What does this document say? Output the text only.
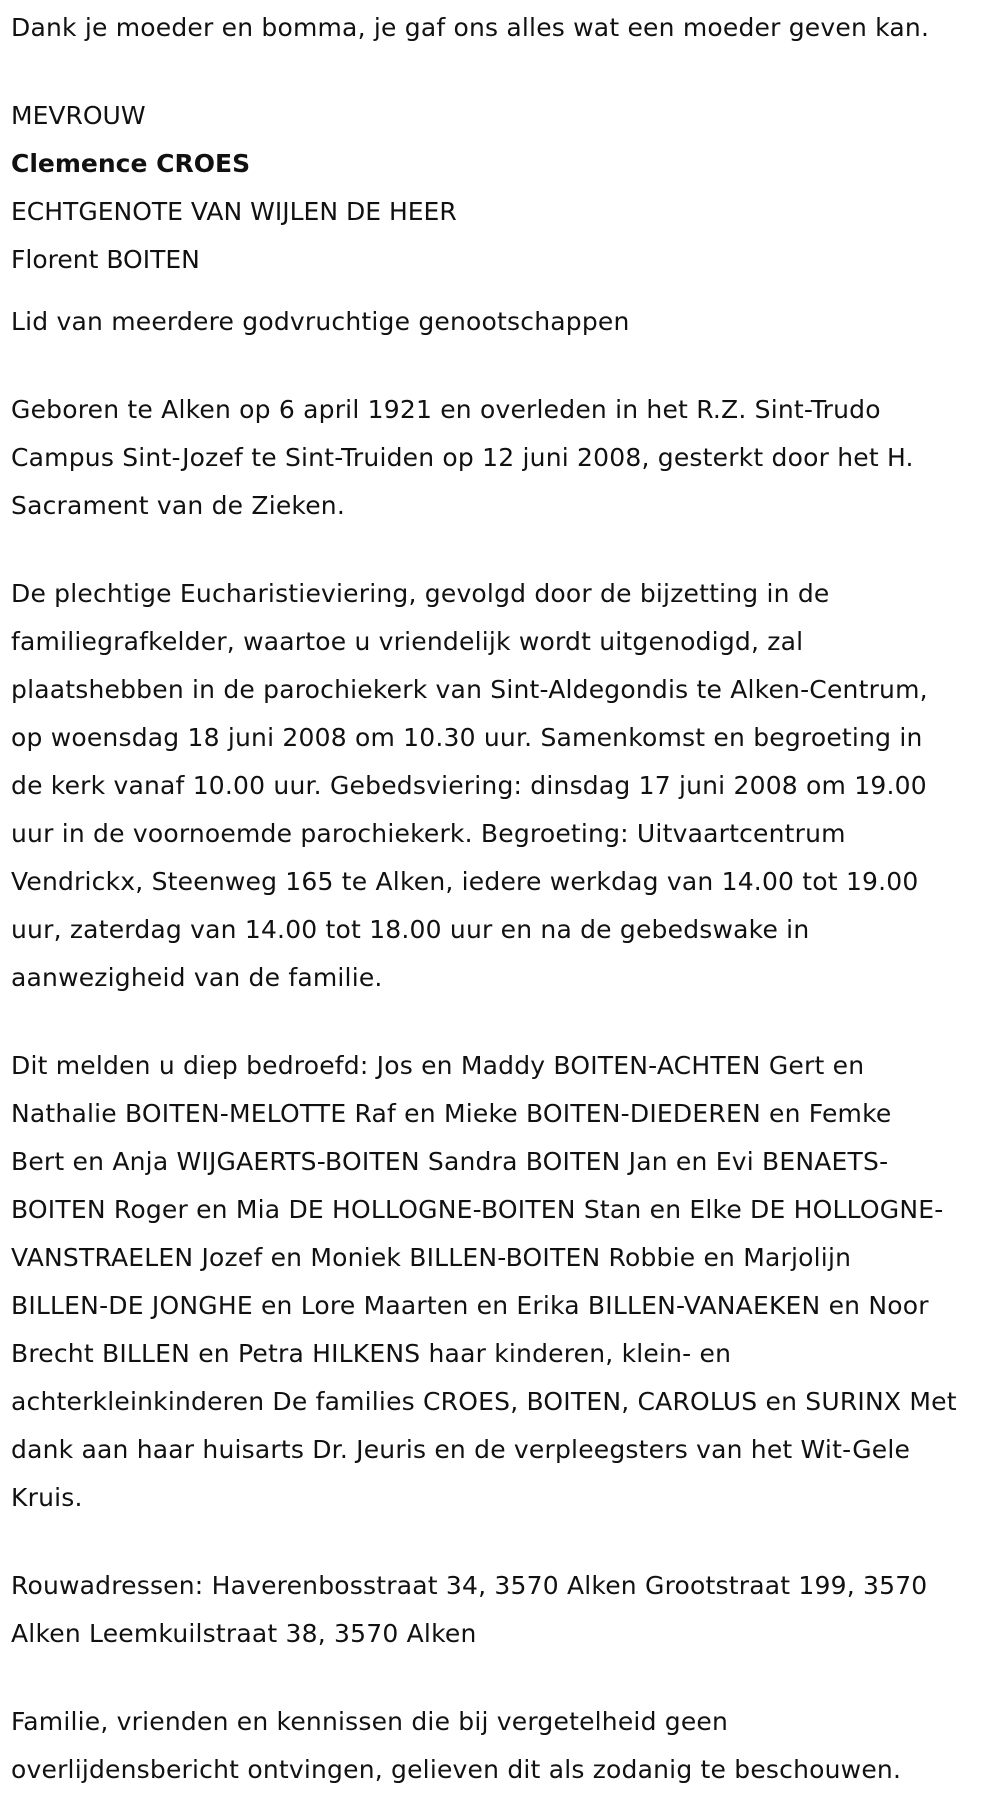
Dank je moeder en bomma, je gaf ons alles wat een moeder geven kan.

MEVROUW
Clemence CROES
ECHTGENOTE VAN WIJLEN DE HEER
Florent BOITEN

Lid van meerdere godvruchtige genootschappen

Geboren te Alken op 6 april 1921 en overleden in het R.Z. Sint-Trudo
Campus Sint-Jozef te Sint-Truiden op 12 juni 2008, gesterkt door het H.
Sacrament van de Zieken.

De plechtige Eucharistieviering, gevolgd door de bijzetting in de
familiegrafkelder, waartoe u vriendelijk wordt uitgenodigd, zal
plaatshebben in de parochiekerk van Sint-Aldegondis te Alken-Centrum,
op woensdag 18 juni 2008 om 10.30 uur. Samenkomst en begroeting in
de kerk vanaf 10.00 uur. Gebedsviering: dinsdag 17 juni 2008 om 19.00
uur in de voornoemde parochiekerk. Begroeting: Uitvaartcentrum
Vendrickx, Steenweg 165 te Alken, iedere werkdag van 14.00 tot 19.00
uur, zaterdag van 14.00 tot 18.00 uur en na de gebedswake in
aanwezigheid van de familie.

Dit melden u diep bedroefd: Jos en Maddy BOITEN-ACHTEN Gert en
Nathalie BOITEN-MELOTTE Raf en Mieke BOITEN-DIEDEREN en Femke
Bert en Anja WIJGAERTS-BOITEN Sandra BOITEN Jan en Evi BENAETS-
BOITEN Roger en Mia DE HOLLOGNE-BOITEN Stan en Elke DE HOLLOGNE-
VANSTRAELEN Jozef en Moniek BILLEN-BOITEN Robbie en Marjolijn
BILLEN-DE JONGHE en Lore Maarten en Erika BILLEN-VANAEKEN en Noor
Brecht BILLEN en Petra HILKENS haar kinderen, klein- en
achterkleinkinderen De families CROES, BOITEN, CAROLUS en SURINX Met
dank aan haar huisarts Dr. Jeuris en de verpleegsters van het Wit-Gele
Kruis.

Rouwadressen: Haverenbosstraat 34, 3570 Alken Grootstraat 199, 3570
Alken Leemkuilstraat 38, 3570 Alken

Familie, vrienden en kennissen die bij vergetelheid geen
overlijdensbericht ontvingen, gelieven dit als zodanig te beschouwen.
